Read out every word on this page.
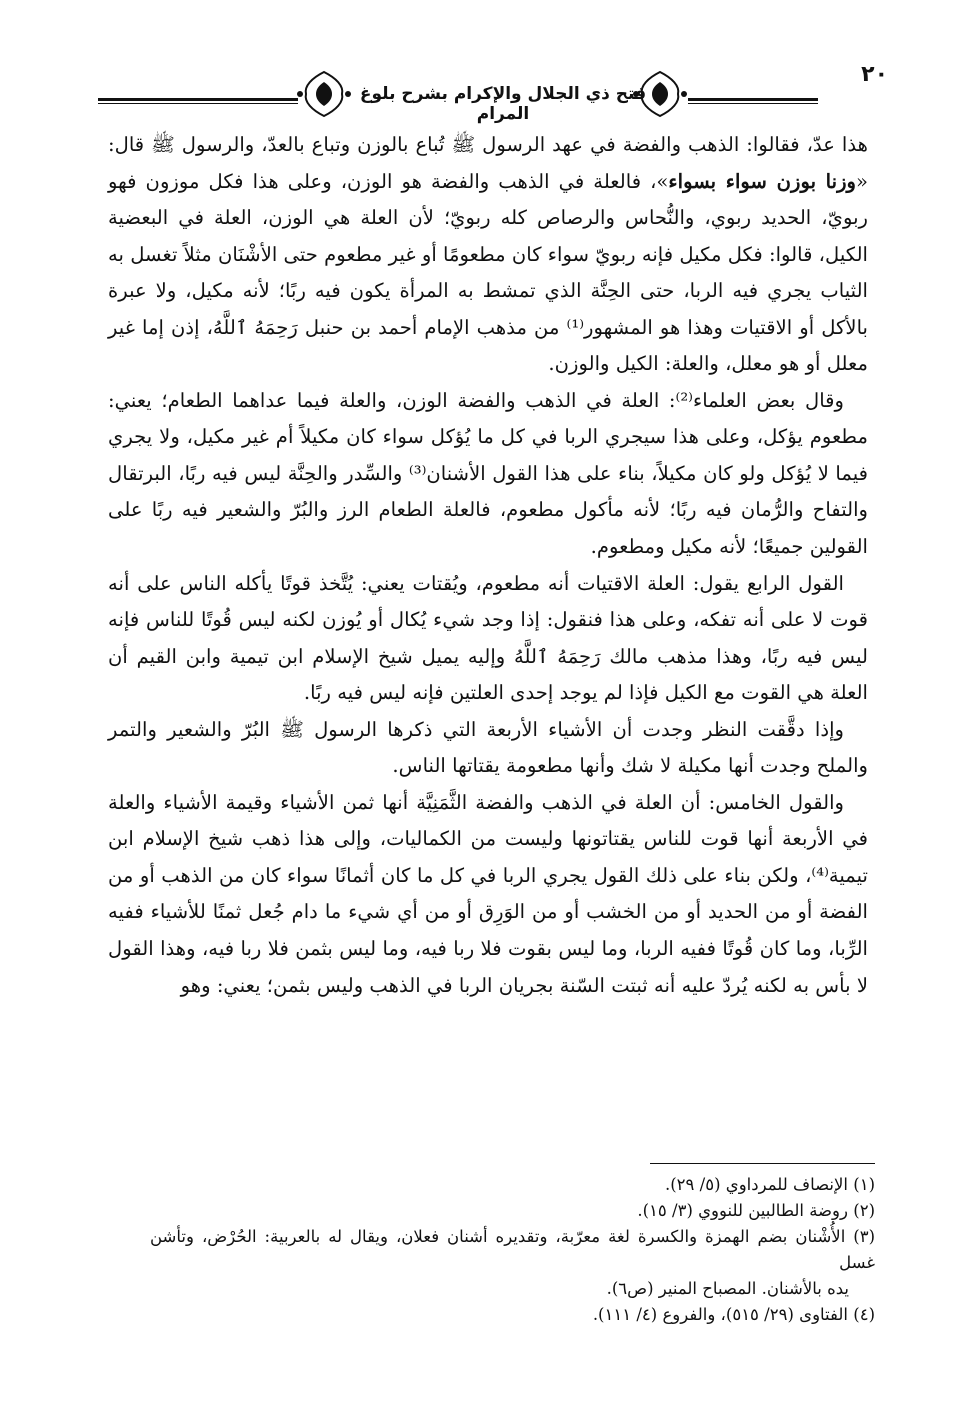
فتح ذي الجلال والإكرام بشرح بلوغ المرام
٢٠

هذا عدّ، فقالوا: الذهب والفضة في عهد الرسول ﷺ تُباع بالوزن وتباع بالعدّ، والرسول ﷺ قال: «وزنا بوزن سواء بسواء»، فالعلة في الذهب والفضة هو الوزن، وعلى هذا فكل موزون فهو ربويّ، الحديد ربوي، والنُّحاس والرصاص كله ربويّ؛ لأن العلة هي الوزن، العلة في البعضية الكيل، قالوا: فكل مكيل فإنه ربويّ سواء كان مطعومًا أو غير مطعوم حتى الأشْنَان مثلاً تغسل به الثياب يجري فيه الربا، حتى الحِنَّة الذي تمشط به المرأة يكون فيه ربًا؛ لأنه مكيل، ولا عبرة بالأكل أو الاقتيات وهذا هو المشهور⁽¹⁾ من مذهب الإمام أحمد بن حنبل رَحِمَهُ ٱللَّهُ، إذن إما غير معلل أو هو معلل، والعلة: الكيل والوزن.

وقال بعض العلماء⁽²⁾: العلة في الذهب والفضة الوزن، والعلة فيما عداهما الطعام؛ يعني: مطعوم يؤكل، وعلى هذا سيجري الربا في كل ما يُؤكل سواء كان مكيلاً أم غير مكيل، ولا يجري فيما لا يُؤكل ولو كان مكيلاً، بناء على هذا القول الأشنان⁽³⁾ والسِّدر والحِنَّة ليس فيه ربًا، البرتقال والتفاح والرُّمان فيه ربًا؛ لأنه مأكول مطعوم، فالعلة الطعام الرز والبُرّ والشعير فيه ربًا على القولين جميعًا؛ لأنه مكيل ومطعوم.

القول الرابع يقول: العلة الاقتيات أنه مطعوم، ويُقتات يعني: يُتَّخذ قوتًا يأكله الناس على أنه قوت لا على أنه تفكه، وعلى هذا فنقول: إذا وجد شيء يُكال أو يُوزن لكنه ليس قُوتًا للناس فإنه ليس فيه ربًا، وهذا مذهب مالك رَحِمَهُ ٱللَّهُ وإليه يميل شيخ الإسلام ابن تيمية وابن القيم أن العلة هي القوت مع الكيل فإذا لم يوجد إحدى العلتين فإنه ليس فيه ربًا.

وإذا دقَّقت النظر وجدت أن الأشياء الأربعة التي ذكرها الرسول ﷺ البُرّ والشعير والتمر والملح وجدت أنها مكيلة لا شك وأنها مطعومة يقتاتها الناس.

والقول الخامس: أن العلة في الذهب والفضة الثَّمَنِيَّة أنها ثمن الأشياء وقيمة الأشياء والعلة في الأربعة أنها قوت للناس يقتاتونها وليست من الكماليات، وإلى هذا ذهب شيخ الإسلام ابن تيمية⁽⁴⁾، ولكن بناء على ذلك القول يجري الربا في كل ما كان أثمانًا سواء كان من الذهب أو من الفضة أو من الحديد أو من الخشب أو من الوَرِق أو من أي شيء ما دام جُعل ثمنًا للأشياء ففيه الرِّبا، وما كان قُوتًا ففيه الربا، وما ليس بقوت فلا ربا فيه، وما ليس بثمن فلا ربا فيه، وهذا القول لا بأس به لكنه يُردّ عليه أنه ثبتت السّنة بجريان الربا في الذهب وليس بثمن؛ يعني: وهو

(١) الإنصاف للمرداوي (٥/ ٢٩).

(٢) روضة الطالبين للنووي (٣/ ١٥).

(٣) الأُشْنان بضم الهمزة والكسرة لغة معرّبة، وتقديره أشنان فعلان، ويقال له بالعربية: الحُرْض، وتأشن غسل

يده بالأشنان. المصباح المنير (ص٦).

(٤) الفتاوى (٢٩/ ٥١٥)، والفروع (٤/ ١١١).
